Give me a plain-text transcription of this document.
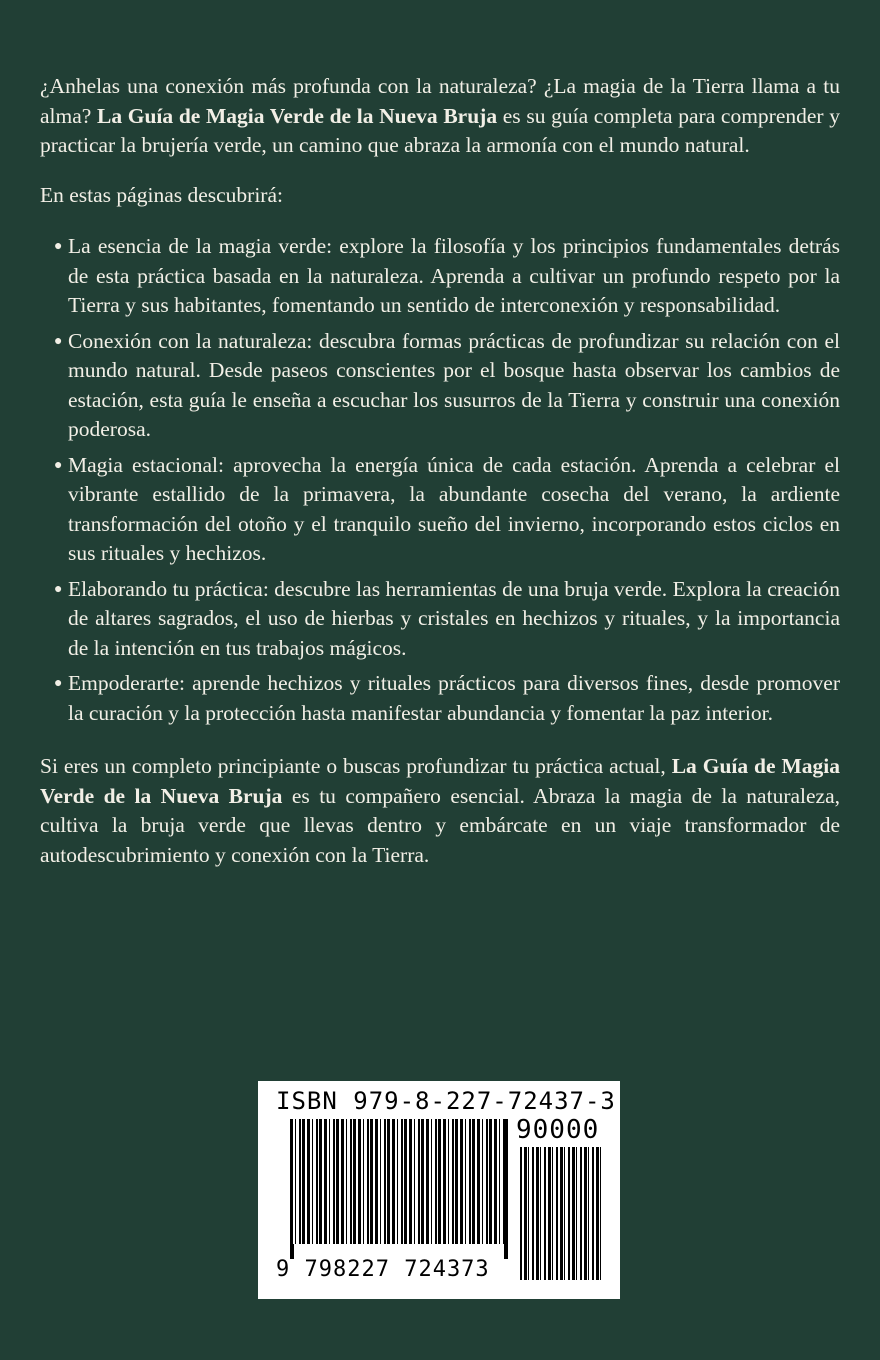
¿Anhelas una conexión más profunda con la naturaleza? ¿La magia de la Tierra llama a tu alma? La Guía de Magia Verde de la Nueva Bruja es su guía completa para comprender y practicar la brujería verde, un camino que abraza la armonía con el mundo natural.

En estas páginas descubrirá:

● La esencia de la magia verde: explore la filosofía y los principios fundamentales detrás de esta práctica basada en la naturaleza. Aprenda a cultivar un profundo respeto por la Tierra y sus habitantes, fomentando un sentido de interconexión y responsabilidad.
● Conexión con la naturaleza: descubra formas prácticas de profundizar su relación con el mundo natural. Desde paseos conscientes por el bosque hasta observar los cambios de estación, esta guía le enseña a escuchar los susurros de la Tierra y construir una conexión poderosa.
● Magia estacional: aprovecha la energía única de cada estación. Aprenda a celebrar el vibrante estallido de la primavera, la abundante cosecha del verano, la ardiente transformación del otoño y el tranquilo sueño del invierno, incorporando estos ciclos en sus rituales y hechizos.
● Elaborando tu práctica: descubre las herramientas de una bruja verde. Explora la creación de altares sagrados, el uso de hierbas y cristales en hechizos y rituales, y la importancia de la intención en tus trabajos mágicos.
● Empoderarte: aprende hechizos y rituales prácticos para diversos fines, desde promover la curación y la protección hasta manifestar abundancia y fomentar la paz interior.

Si eres un completo principiante o buscas profundizar tu práctica actual, La Guía de Magia Verde de la Nueva Bruja es tu compañero esencial. Abraza la magia de la naturaleza, cultiva la bruja verde que llevas dentro y embárcate en un viaje transformador de autodescubrimiento y conexión con la Tierra.

ISBN 979-8-227-72437-3
90000
9 798227 724373
